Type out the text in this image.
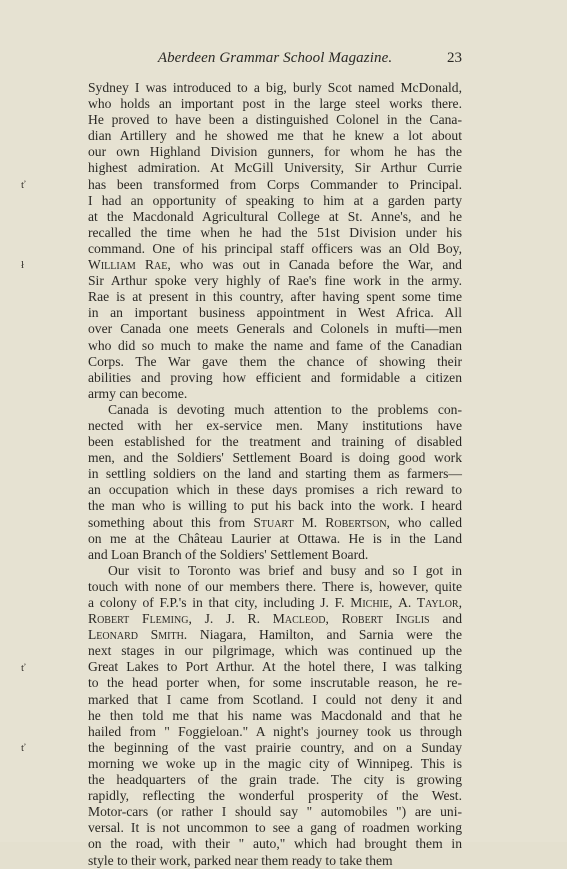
Aberdeen Grammar School Magazine.	23
Sydney I was introduced to a big, burly Scot named McDonald,
who holds an important post in the large steel works there.
He proved to have been a distinguished Colonel in the Cana-
dian Artillery and he showed me that he knew a lot about
our own Highland Division gunners, for whom he has the
highest admiration. At McGill University, Sir Arthur Currie
has been transformed from Corps Commander to Principal.
I had an opportunity of speaking to him at a garden party
at the Macdonald Agricultural College at St. Anne's, and he
recalled the time when he had the 51st Division under his
command. One of his principal staff officers was an Old Boy,
William Rae, who was out in Canada before the War, and
Sir Arthur spoke very highly of Rae's fine work in the army.
Rae is at present in this country, after having spent some time
in an important business appointment in West Africa. All
over Canada one meets Generals and Colonels in mufti—men
who did so much to make the name and fame of the Canadian
Corps. The War gave them the chance of showing their
abilities and proving how efficient and formidable a citizen
army can become.
Canada is devoting much attention to the problems con-
nected with her ex-service men. Many institutions have
been established for the treatment and training of disabled
men, and the Soldiers' Settlement Board is doing good work
in settling soldiers on the land and starting them as farmers—
an occupation which in these days promises a rich reward to
the man who is willing to put his back into the work. I heard
something about this from Stuart M. Robertson, who called
on me at the Château Laurier at Ottawa. He is in the Land
and Loan Branch of the Soldiers' Settlement Board.
Our visit to Toronto was brief and busy and so I got in
touch with none of our members there. There is, however, quite
a colony of F.P.'s in that city, including J. F. Michie, A. Taylor,
Robert Fleming, J. J. R. Macleod, Robert Inglis and
Leonard Smith. Niagara, Hamilton, and Sarnia were the
next stages in our pilgrimage, which was continued up the
Great Lakes to Port Arthur. At the hotel there, I was talking
to the head porter when, for some inscrutable reason, he re-
marked that I came from Scotland. I could not deny it and
he then told me that his name was Macdonald and that he
hailed from " Foggieloan." A night's journey took us through
the beginning of the vast prairie country, and on a Sunday
morning we woke up in the magic city of Winnipeg. This is
the headquarters of the grain trade. The city is growing
rapidly, reflecting the wonderful prosperity of the West.
Motor-cars (or rather I should say " automobiles ") are uni-
versal. It is not uncommon to see a gang of roadmen working
on the road, with their " auto," which had brought them in
style to their work, parked near them ready to take them
ť
ł
ť
ť
